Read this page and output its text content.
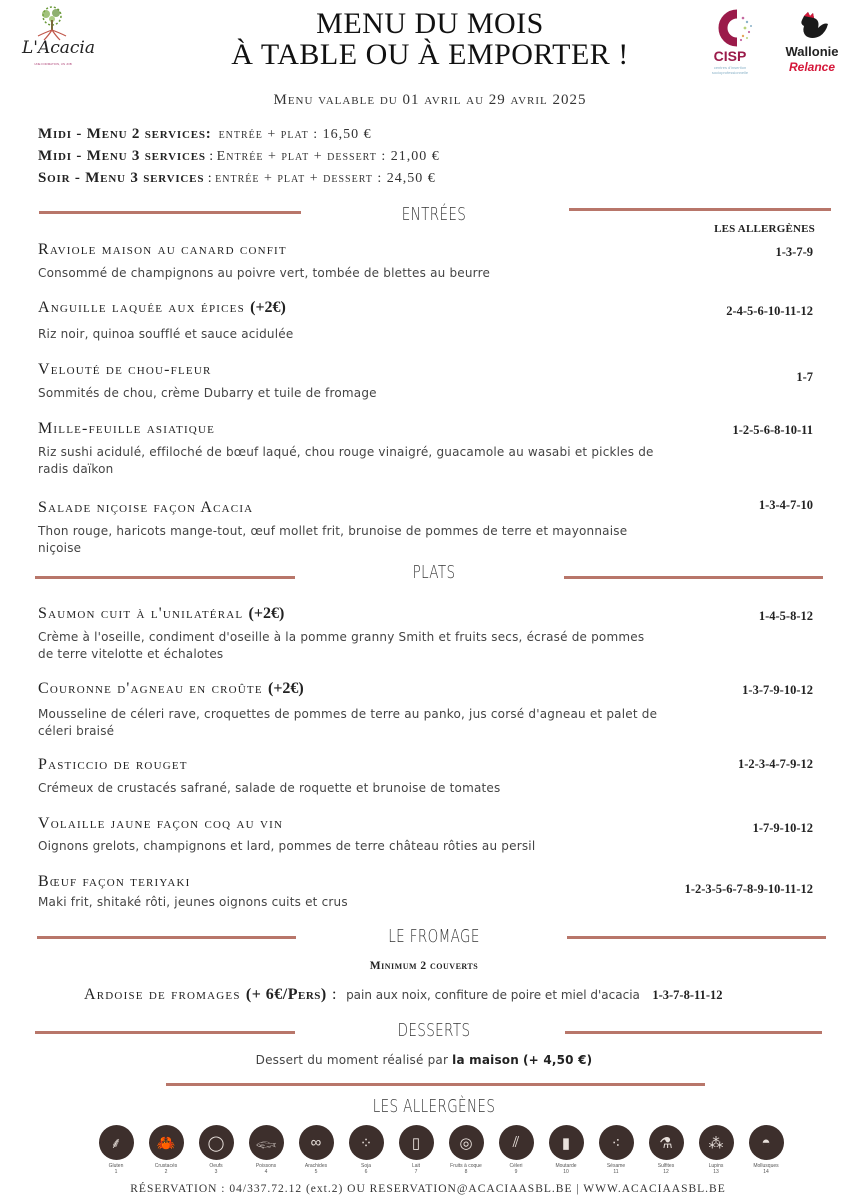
L'Acacia
UNE FORMATION, UN JOB
MENU DU MOIS
À TABLE OU À EMPORTER !	CISP
centres d'insertion socioprofessionnelle
Wallonie
Relance
Menu valable du 01 avril au 29 avril 2025
Midi - Menu 2 services: entrée + plat : 16,50 €
Midi - Menu 3 services : Entrée + plat + dessert : 21,00 €
Soir - Menu 3 services : entrée + plat + dessert : 24,50 €
ENTRÉES
LES ALLERGÈNES
Raviole maison au canard confit
Consommé de champignons au poivre vert, tombée de blettes au beurre
1-3-7-9
Anguille laquée aux épices (+2€)
Riz noir, quinoa soufflé et sauce acidulée
2-4-5-6-10-11-12
Velouté de chou-fleur
Sommités de chou, crème Dubarry et tuile de fromage
1-7
Mille-feuille asiatique
Riz sushi acidulé, effiloché de bœuf laqué, chou rouge vinaigré, guacamole au wasabi et pickles de radis daïkon
1-2-5-6-8-10-11
Salade niçoise façon Acacia
Thon rouge, haricots mange-tout, œuf mollet frit, brunoise de pommes de terre et mayonnaise niçoise
1-3-4-7-10
PLATS
Saumon cuit à l'unilatéral (+2€)
Crème à l'oseille, condiment d'oseille à la pomme granny Smith et fruits secs, écrasé de pommes de terre vitelotte et échalotes
1-4-5-8-12
Couronne d'agneau en croûte (+2€)
Mousseline de céleri rave, croquettes de pommes de terre au panko, jus corsé d'agneau et palet de céleri braisé
1-3-7-9-10-12
Pasticcio de rouget
Crémeux de crustacés safrané, salade de roquette et brunoise de tomates
1-2-3-4-7-9-12
Volaille jaune façon coq au vin
Oignons grelots, champignons et lard, pommes de terre château rôties au persil
1-7-9-10-12
Bœuf façon teriyaki
Maki frit, shitaké rôti, jeunes oignons cuits et crus
1-2-3-5-6-7-8-9-10-11-12
LE FROMAGE
Minimum 2 couverts
Ardoise de fromages (+ 6€/Pers) : pain aux noix, confiture de poire et miel d'acacia 1-3-7-8-11-12
DESSERTS
Dessert du moment réalisé par la maison (+ 4,50 €)
LES ALLERGÈNES
⸙
Gluten
1
🦀
Crustacés
2
◯
Oeufs
3
𓆟
Poissons
4
∞
Arachides
5
⁘
Soja
6
▯
Lait
7
◎
Fruits à coque
8
⫽
Céleri
9
▮
Moutarde
10
⁖
Sésame
11
⚗
Sulfites
12
⁂
Lupins
13
◓
Mollusques
14
RÉSERVATION : 04/337.72.12 (ext.2) OU RESERVATION@ACACIAASBL.BE | WWW.ACACIAASBL.BE
